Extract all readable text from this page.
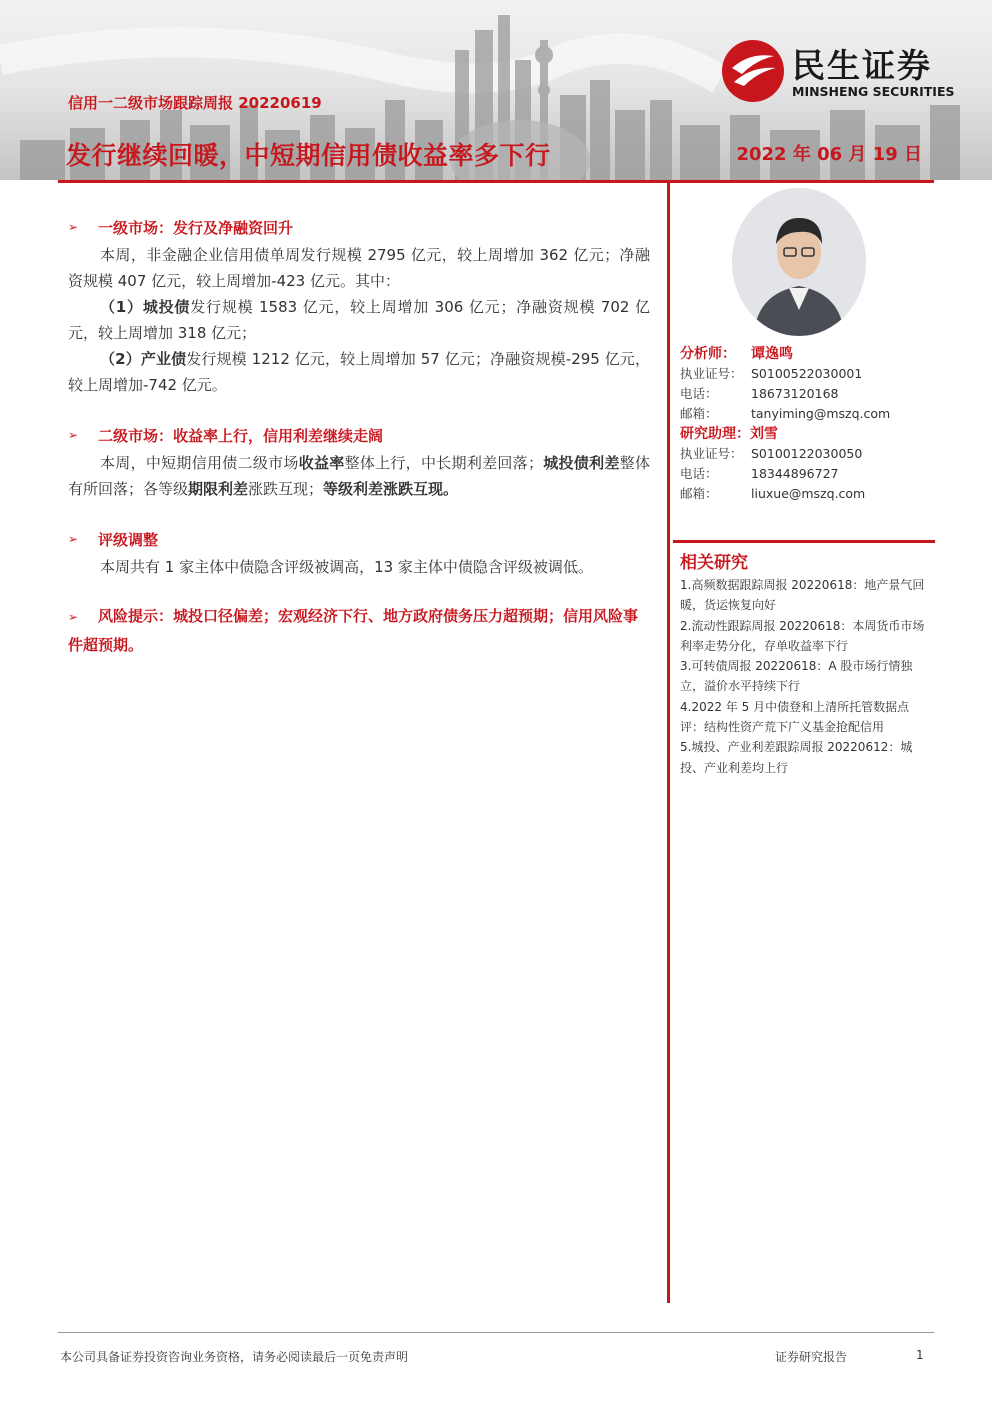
信用一二级市场跟踪周报 20220619
发行继续回暖，中短期信用债收益率多下行	2022 年 06 月 19 日
民生证券
MINSHENG SECURITIES
➢	一级市场：发行及净融资回升

本周，非金融企业信用债单周发行规模 2795 亿元，较上周增加 362 亿元；净融资规模 407 亿元，较上周增加-423 亿元。其中：

（1）城投债发行规模 1583 亿元，较上周增加 306 亿元；净融资规模 702 亿元，较上周增加 318 亿元；

（2）产业债发行规模 1212 亿元，较上周增加 57 亿元；净融资规模-295 亿元，较上周增加-742 亿元。

➢	二级市场：收益率上行，信用利差继续走阔

本周，中短期信用债二级市场收益率整体上行，中长期利差回落；城投债利差整体有所回落；各等级期限利差涨跌互现；等级利差涨跌互现。

➢	评级调整

本周共有 1 家主体中债隐含评级被调高，13 家主体中债隐含评级被调低。

➢ 风险提示：城投口径偏差；宏观经济下行、地方政府债务压力超预期；信用风险事件超预期。
分析师：	谭逸鸣
执业证号： S0100522030001
电话：	18673120168
邮箱：	tanyiming@mszq.com
研究助理： 刘雪
执业证号： S0100122030050
电话：	18344896727
邮箱：	liuxue@mszq.com
相关研究
1.高频数据跟踪周报 20220618：地产景气回暖，货运恢复向好
2.流动性跟踪周报 20220618：本周货币市场利率走势分化，存单收益率下行
3.可转债周报 20220618：A 股市场行情独立，溢价水平持续下行
4.2022 年 5 月中债登和上清所托管数据点评：结构性资产荒下广义基金抢配信用
5.城投、产业利差跟踪周报 20220612：城投、产业利差均上行
本公司具备证券投资咨询业务资格，请务必阅读最后一页免责声明	证券研究报告	1
